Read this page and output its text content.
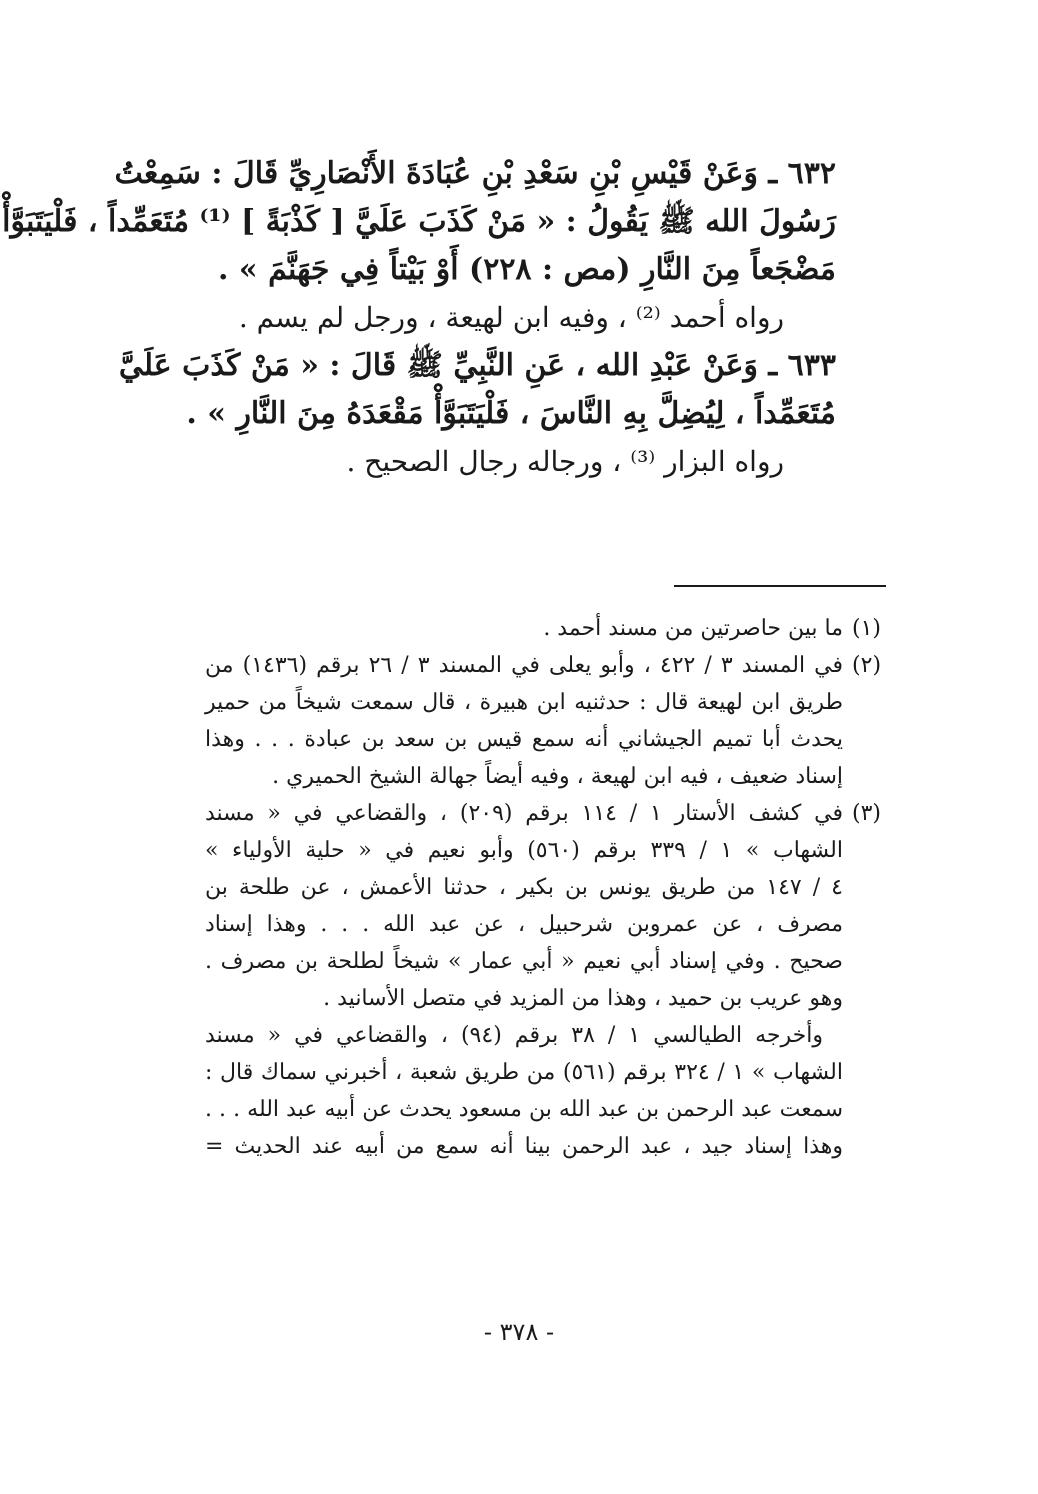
٦٣٢ ـ وَعَنْ قَيْسِ بْنِ سَعْدِ بْنِ عُبَادَةَ الأَنْصَارِيِّ قَالَ : سَمِعْتُ
رَسُولَ الله ﷺ يَقُولُ : « مَنْ كَذَبَ عَلَيَّ [ كَذْبَةً ] ⁽¹⁾ مُتَعَمِّداً ، فَلْيَتَبَوَّأْ
مَضْجَعاً مِنَ النَّارِ (مص : ٢٢٨) أَوْ بَيْتاً فِي جَهَنَّمَ » .
رواه أحمد ⁽²⁾ ، وفيه ابن لهيعة ، ورجل لم يسم .
٦٣٣ ـ وَعَنْ عَبْدِ الله ، عَنِ النَّبِيِّ ﷺ قَالَ : « مَنْ كَذَبَ عَلَيَّ
مُتَعَمِّداً ، لِيُضِلَّ بِهِ النَّاسَ ، فَلْيَتَبَوَّأْ مَقْعَدَهُ مِنَ النَّارِ » .
رواه البزار ⁽³⁾ ، ورجاله رجال الصحيح .
(١)ما بين حاصرتين من مسند أحمد .
(٢)في المسند ٣ / ٤٢٢ ، وأبو يعلى في المسند ٣ / ٢٦ برقم (١٤٣٦) من
طريق ابن لهيعة قال : حدثنيه ابن هبيرة ، قال سمعت شيخاً من حمير
يحدث أبا تميم الجيشاني أنه سمع قيس بن سعد بن عبادة . . . وهذا
إسناد ضعيف ، فيه ابن لهيعة ، وفيه أيضاً جهالة الشيخ الحميري .
(٣)في كشف الأستار ١ / ١١٤ برقم (٢٠٩) ، والقضاعي في « مسند
الشهاب » ١ / ٣٣٩ برقم (٥٦٠) وأبو نعيم في « حلية الأولياء »
٤ / ١٤٧ من طريق يونس بن بكير ، حدثنا الأعمش ، عن طلحة بن
مصرف ، عن عمروبن شرحبيل ، عن عبد الله . . . وهذا إسناد
صحيح . وفي إسناد أبي نعيم « أبي عمار » شيخاً لطلحة بن مصرف .
وهو عريب بن حميد ، وهذا من المزيد في متصل الأسانيد .
وأخرجه الطيالسي ١ / ٣٨ برقم (٩٤) ، والقضاعي في « مسند
الشهاب » ١ / ٣٢٤ برقم (٥٦١) من طريق شعبة ، أخبرني سماك قال :
سمعت عبد الرحمن بن عبد الله بن مسعود يحدث عن أبيه عبد الله . . .
وهذا إسناد جيد ، عبد الرحمن بينا أنه سمع من أبيه عند الحديث =
- ٣٧٨ -
